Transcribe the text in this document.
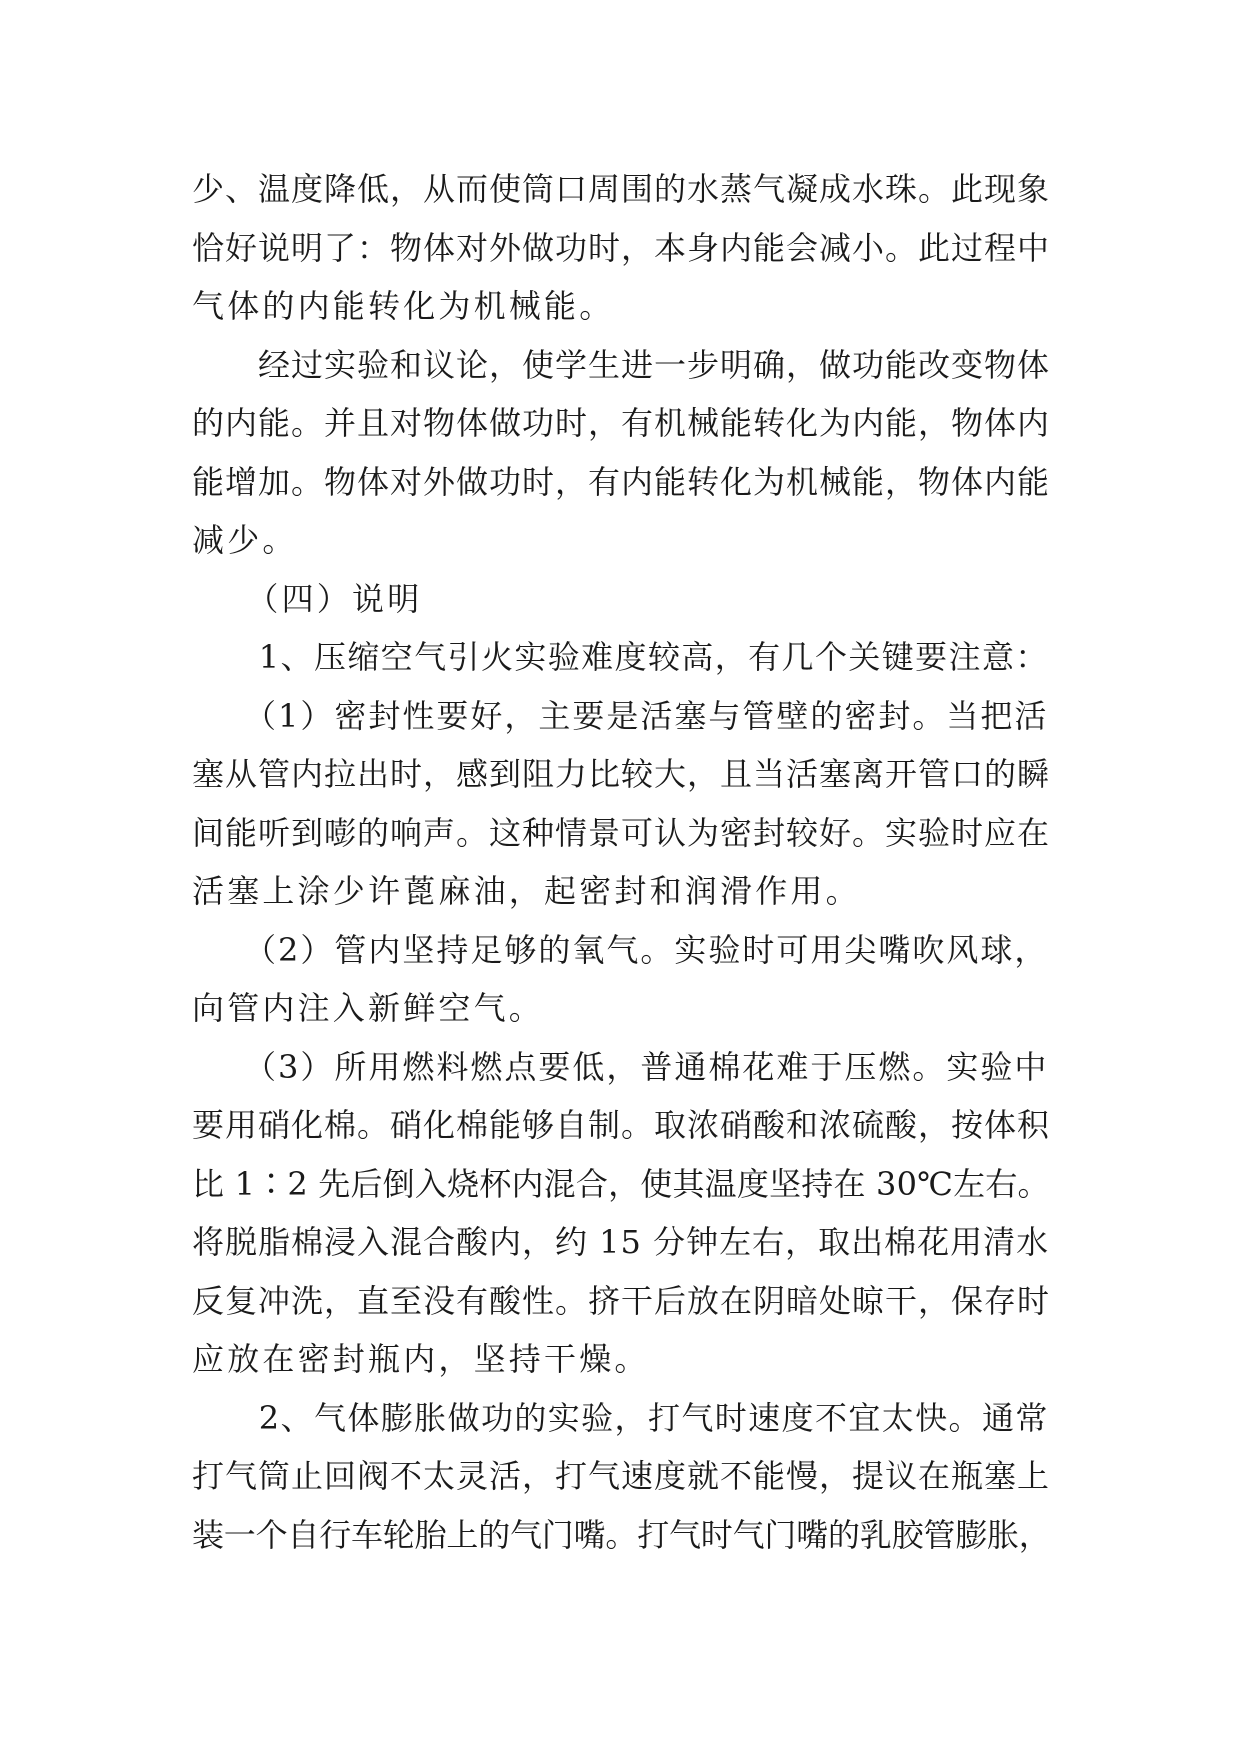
少、温度降低，从而使筒口周围的水蒸气凝成水珠。此现象
恰好说明了：物体对外做功时，本身内能会减小。此过程中
气体的内能转化为机械能。
　　经过实验和议论，使学生进一步明确，做功能改变物体
的内能。并且对物体做功时，有机械能转化为内能，物体内
能增加。物体对外做功时，有内能转化为机械能，物体内能
减少。
　　（四）说明
　　1、压缩空气引火实验难度较高，有几个关键要注意：
　　（1）密封性要好，主要是活塞与管壁的密封。当把活
塞从管内拉出时，感到阻力比较大，且当活塞离开管口的瞬
间能听到嘭的响声。这种情景可认为密封较好。实验时应在
活塞上涂少许蓖麻油，起密封和润滑作用。
　　（2）管内坚持足够的氧气。实验时可用尖嘴吹风球，
向管内注入新鲜空气。
　　（3）所用燃料燃点要低，普通棉花难于压燃。实验中
要用硝化棉。硝化棉能够自制。取浓硝酸和浓硫酸，按体积
比 1∶2 先后倒入烧杯内混合，使其温度坚持在 30℃左右。
将脱脂棉浸入混合酸内，约 15 分钟左右，取出棉花用清水
反复冲洗，直至没有酸性。挤干后放在阴暗处晾干，保存时
应放在密封瓶内，坚持干燥。
　　2、气体膨胀做功的实验，打气时速度不宜太快。通常
打气筒止回阀不太灵活，打气速度就不能慢，提议在瓶塞上
装一个自行车轮胎上的气门嘴。打气时气门嘴的乳胶管膨胀，
